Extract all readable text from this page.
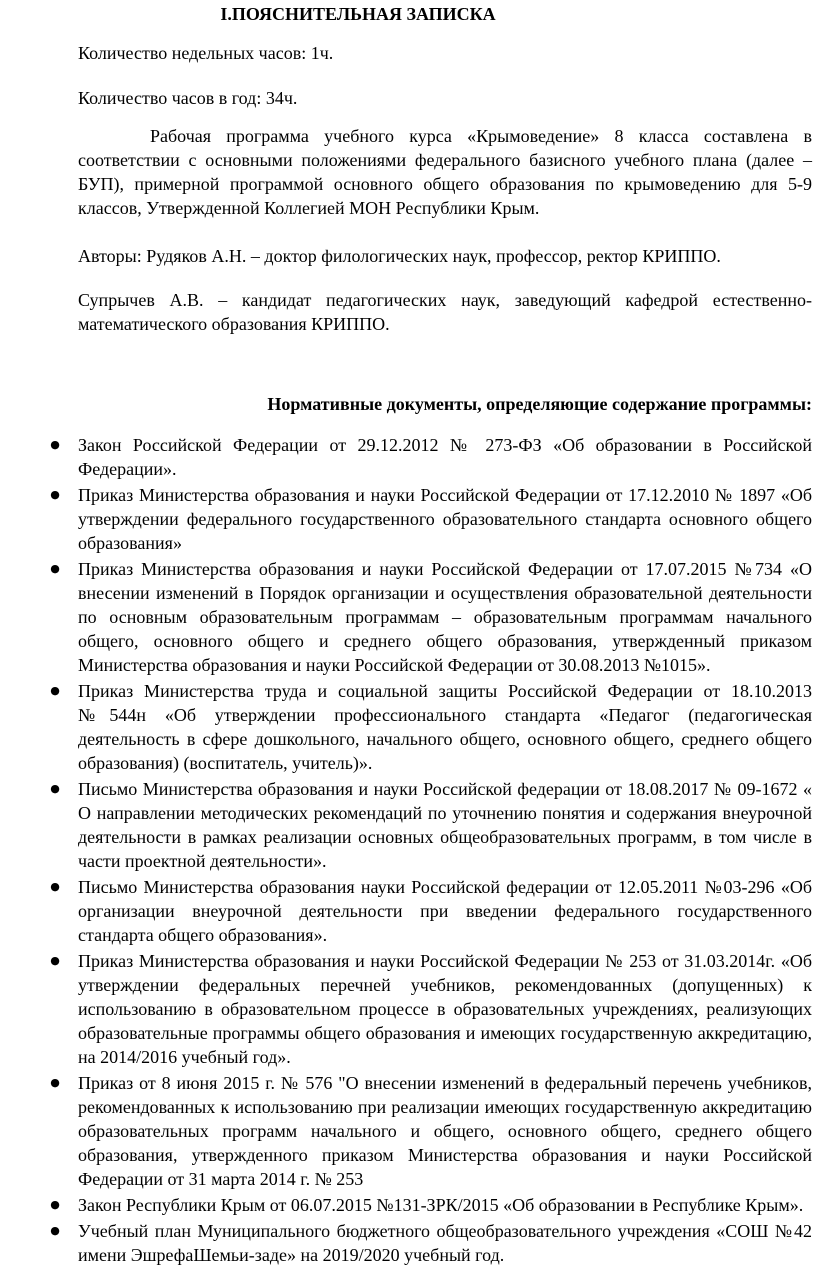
I.ПОЯСНИТЕЛЬНАЯ ЗАПИСКА
Количество недельных часов: 1ч.
Количество часов в год: 34ч.
Рабочая программа учебного курса «Крымоведение» 8 класса составлена в соответствии с основными положениями федерального базисного учебного плана (далее – БУП), примерной программой основного общего образования по крымоведению для 5-9 классов, Утвержденной Коллегией МОН Республики Крым.
Авторы: Рудяков А.Н. – доктор филологических наук, профессор, ректор КРИППО.
Супрычев А.В. – кандидат педагогических наук, заведующий кафедрой естественно-математического образования КРИППО.
Нормативные документы, определяющие содержание программы:
● Закон Российской Федерации от 29.12.2012 № 273-ФЗ «Об образовании в Российской Федерации».
● Приказ Министерства образования и науки Российской Федерации от 17.12.2010 № 1897 «Об утверждении федерального государственного образовательного стандарта основного общего образования»
● Приказ Министерства образования и науки Российской Федерации от 17.07.2015 №734 «О внесении изменений в Порядок организации и осуществления образовательной деятельности по основным образовательным программам – образовательным программам начального общего, основного общего и среднего общего образования, утвержденный приказом Министерства образования и науки Российской Федерации от 30.08.2013 №1015».
● Приказ Министерства труда и социальной защиты Российской Федерации от 18.10.2013 №544н «Об утверждении профессионального стандарта «Педагог (педагогическая деятельность в сфере дошкольного, начального общего, основного общего, среднего общего образования) (воспитатель, учитель)».
● Письмо Министерства образования и науки Российской федерации от 18.08.2017 № 09-1672 « О направлении методических рекомендаций по уточнению понятия и содержания внеурочной деятельности в рамках реализации основных общеобразовательных программ, в том числе в части проектной деятельности».
● Письмо Министерства образования науки Российской федерации от 12.05.2011 №03-296 «Об организации внеурочной деятельности при введении федерального государственного стандарта общего образования».
● Приказ Министерства образования и науки Российской Федерации № 253 от 31.03.2014г. «Об утверждении федеральных перечней учебников, рекомендованных (допущенных) к использованию в образовательном процессе в образовательных учреждениях, реализующих образовательные программы общего образования и имеющих государственную аккредитацию, на 2014/2016 учебный год».
● Приказ от 8 июня 2015 г. № 576 "О внесении изменений в федеральный перечень учебников, рекомендованных к использованию при реализации имеющих государственную аккредитацию образовательных программ начального и общего, основного общего, среднего общего образования, утвержденного приказом Министерства образования и науки Российской Федерации от 31 марта 2014 г. № 253
● Закон Республики Крым от 06.07.2015 №131-ЗРК/2015 «Об образовании в Республике Крым».
● Учебный план Муниципального бюджетного общеобразовательного учреждения «СОШ №42 имени ЭшрефаШемьи-заде» на 2019/2020 учебный год.
